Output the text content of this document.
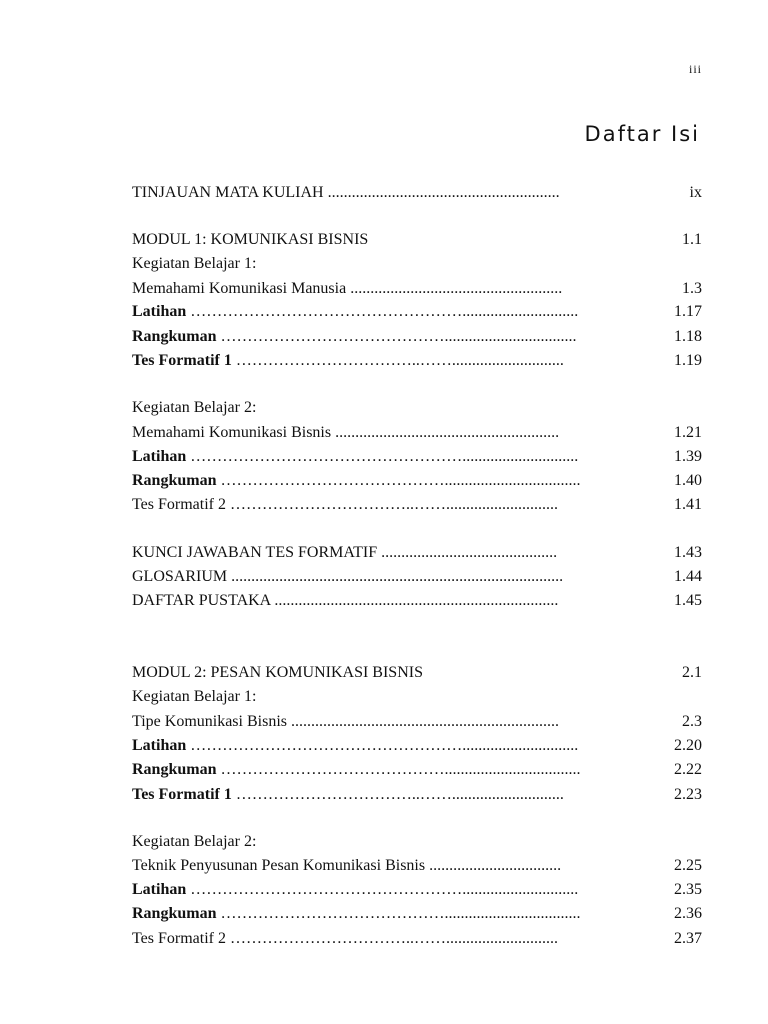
iii
Daftar Isi
TINJAUAN MATA KULIAH ..........................................................	ix
MODUL 1: KOMUNIKASI BISNIS	1.1
Kegiatan Belajar 1:
Memahami Komunikasi Manusia .....................................................	1.3
Latihan …………………………………………….............................	1.17
Rangkuman …………………………………….................................	1.18
Tes Formatif 1 ……………………………..……............................	1.19
Kegiatan Belajar 2:
Memahami Komunikasi Bisnis ........................................................	1.21
Latihan …………………………………………….............................	1.39
Rangkuman ……………………………………..................................	1.40
Tes Formatif 2 ……………………………..……............................	1.41
KUNCI JAWABAN TES FORMATIF ............................................	1.43
GLOSARIUM ...................................................................................	1.44
DAFTAR PUSTAKA .......................................................................	1.45
MODUL 2: PESAN KOMUNIKASI BISNIS	2.1
Kegiatan Belajar 1:
Tipe Komunikasi Bisnis ...................................................................	2.3
Latihan …………………………………………….............................	2.20
Rangkuman ……………………………………..................................	2.22
Tes Formatif 1 ……………………………..……............................	2.23
Kegiatan Belajar 2:
Teknik Penyusunan Pesan Komunikasi Bisnis .................................	2.25
Latihan …………………………………………….............................	2.35
Rangkuman ……………………………………..................................	2.36
Tes Formatif 2 ……………………………..……............................	2.37
